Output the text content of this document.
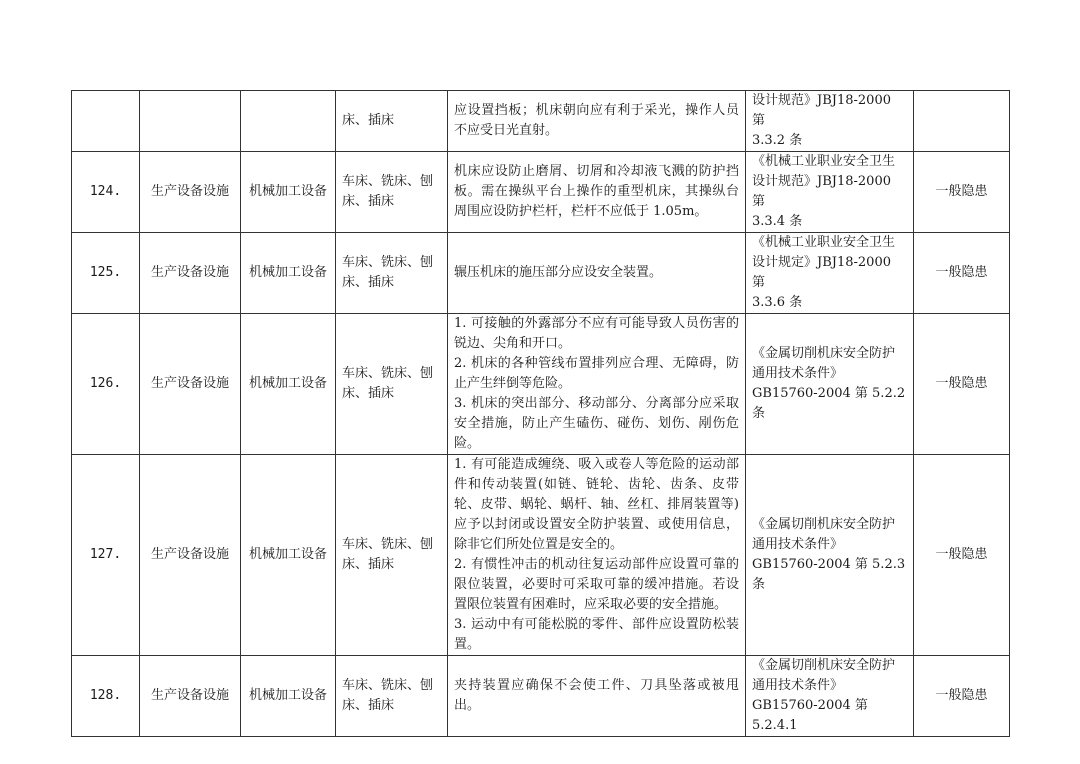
			床、插床	应设置挡板；机床朝向应有利于采光，操作人员不应受日光直射。	设计规范》JBJ18-2000 第
3.3.2 条	

124.	生产设备设施	机械加工设备	车床、铣床、刨床、插床	机床应设防止磨屑、切屑和冷却液飞溅的防护挡板。需在操纵平台上操作的重型机床，其操纵台周围应设防护栏杆，栏杆不应低于 1.05m。	《机械工业职业安全卫生
设计规范》JBJ18-2000 第
3.3.4 条	一般隐患
125.	生产设备设施	机械加工设备	车床、铣床、刨床、插床	辗压机床的施压部分应设安全装置。	《机械工业职业安全卫生
设计规定》JBJ18-2000 第
3.3.6 条	一般隐患
126.	生产设备设施	机械加工设备	车床、铣床、刨床、插床	1. 可接触的外露部分不应有可能导致人员伤害的锐边、尖角和开口。
2. 机床的各种管线布置排列应合理、无障碍，防止产生绊倒等危险。
3. 机床的突出部分、移动部分、分离部分应采取安全措施，防止产生磕伤、碰伤、划伤、剐伤危险。	《金属切削机床安全防护
通用技术条件》
GB15760-2004 第 5.2.2 条	一般隐患
127.	生产设备设施	机械加工设备	车床、铣床、刨床、插床	1. 有可能造成缠绕、吸入或卷人等危险的运动部件和传动装置(如链、链轮、齿轮、齿条、皮带轮、皮带、蜗轮、蜗杆、轴、丝杠、排屑装置等)应予以封闭或设置安全防护装置、或使用信息，除非它们所处位置是安全的。
2. 有惯性冲击的机动往复运动部件应设置可靠的限位装置，必要时可采取可靠的缓冲措施。若设置限位装置有困难时，应采取必要的安全措施。
3. 运动中有可能松脱的零件、部件应设置防松装置。	《金属切削机床安全防护
通用技术条件》
GB15760-2004 第 5.2.3 条	一般隐患
128.	生产设备设施	机械加工设备	车床、铣床、刨床、插床	夹持装置应确保不会使工件、刀具坠落或被甩出。	《金属切削机床安全防护
通用技术条件》
GB15760-2004 第 5.2.4.1	一般隐患
